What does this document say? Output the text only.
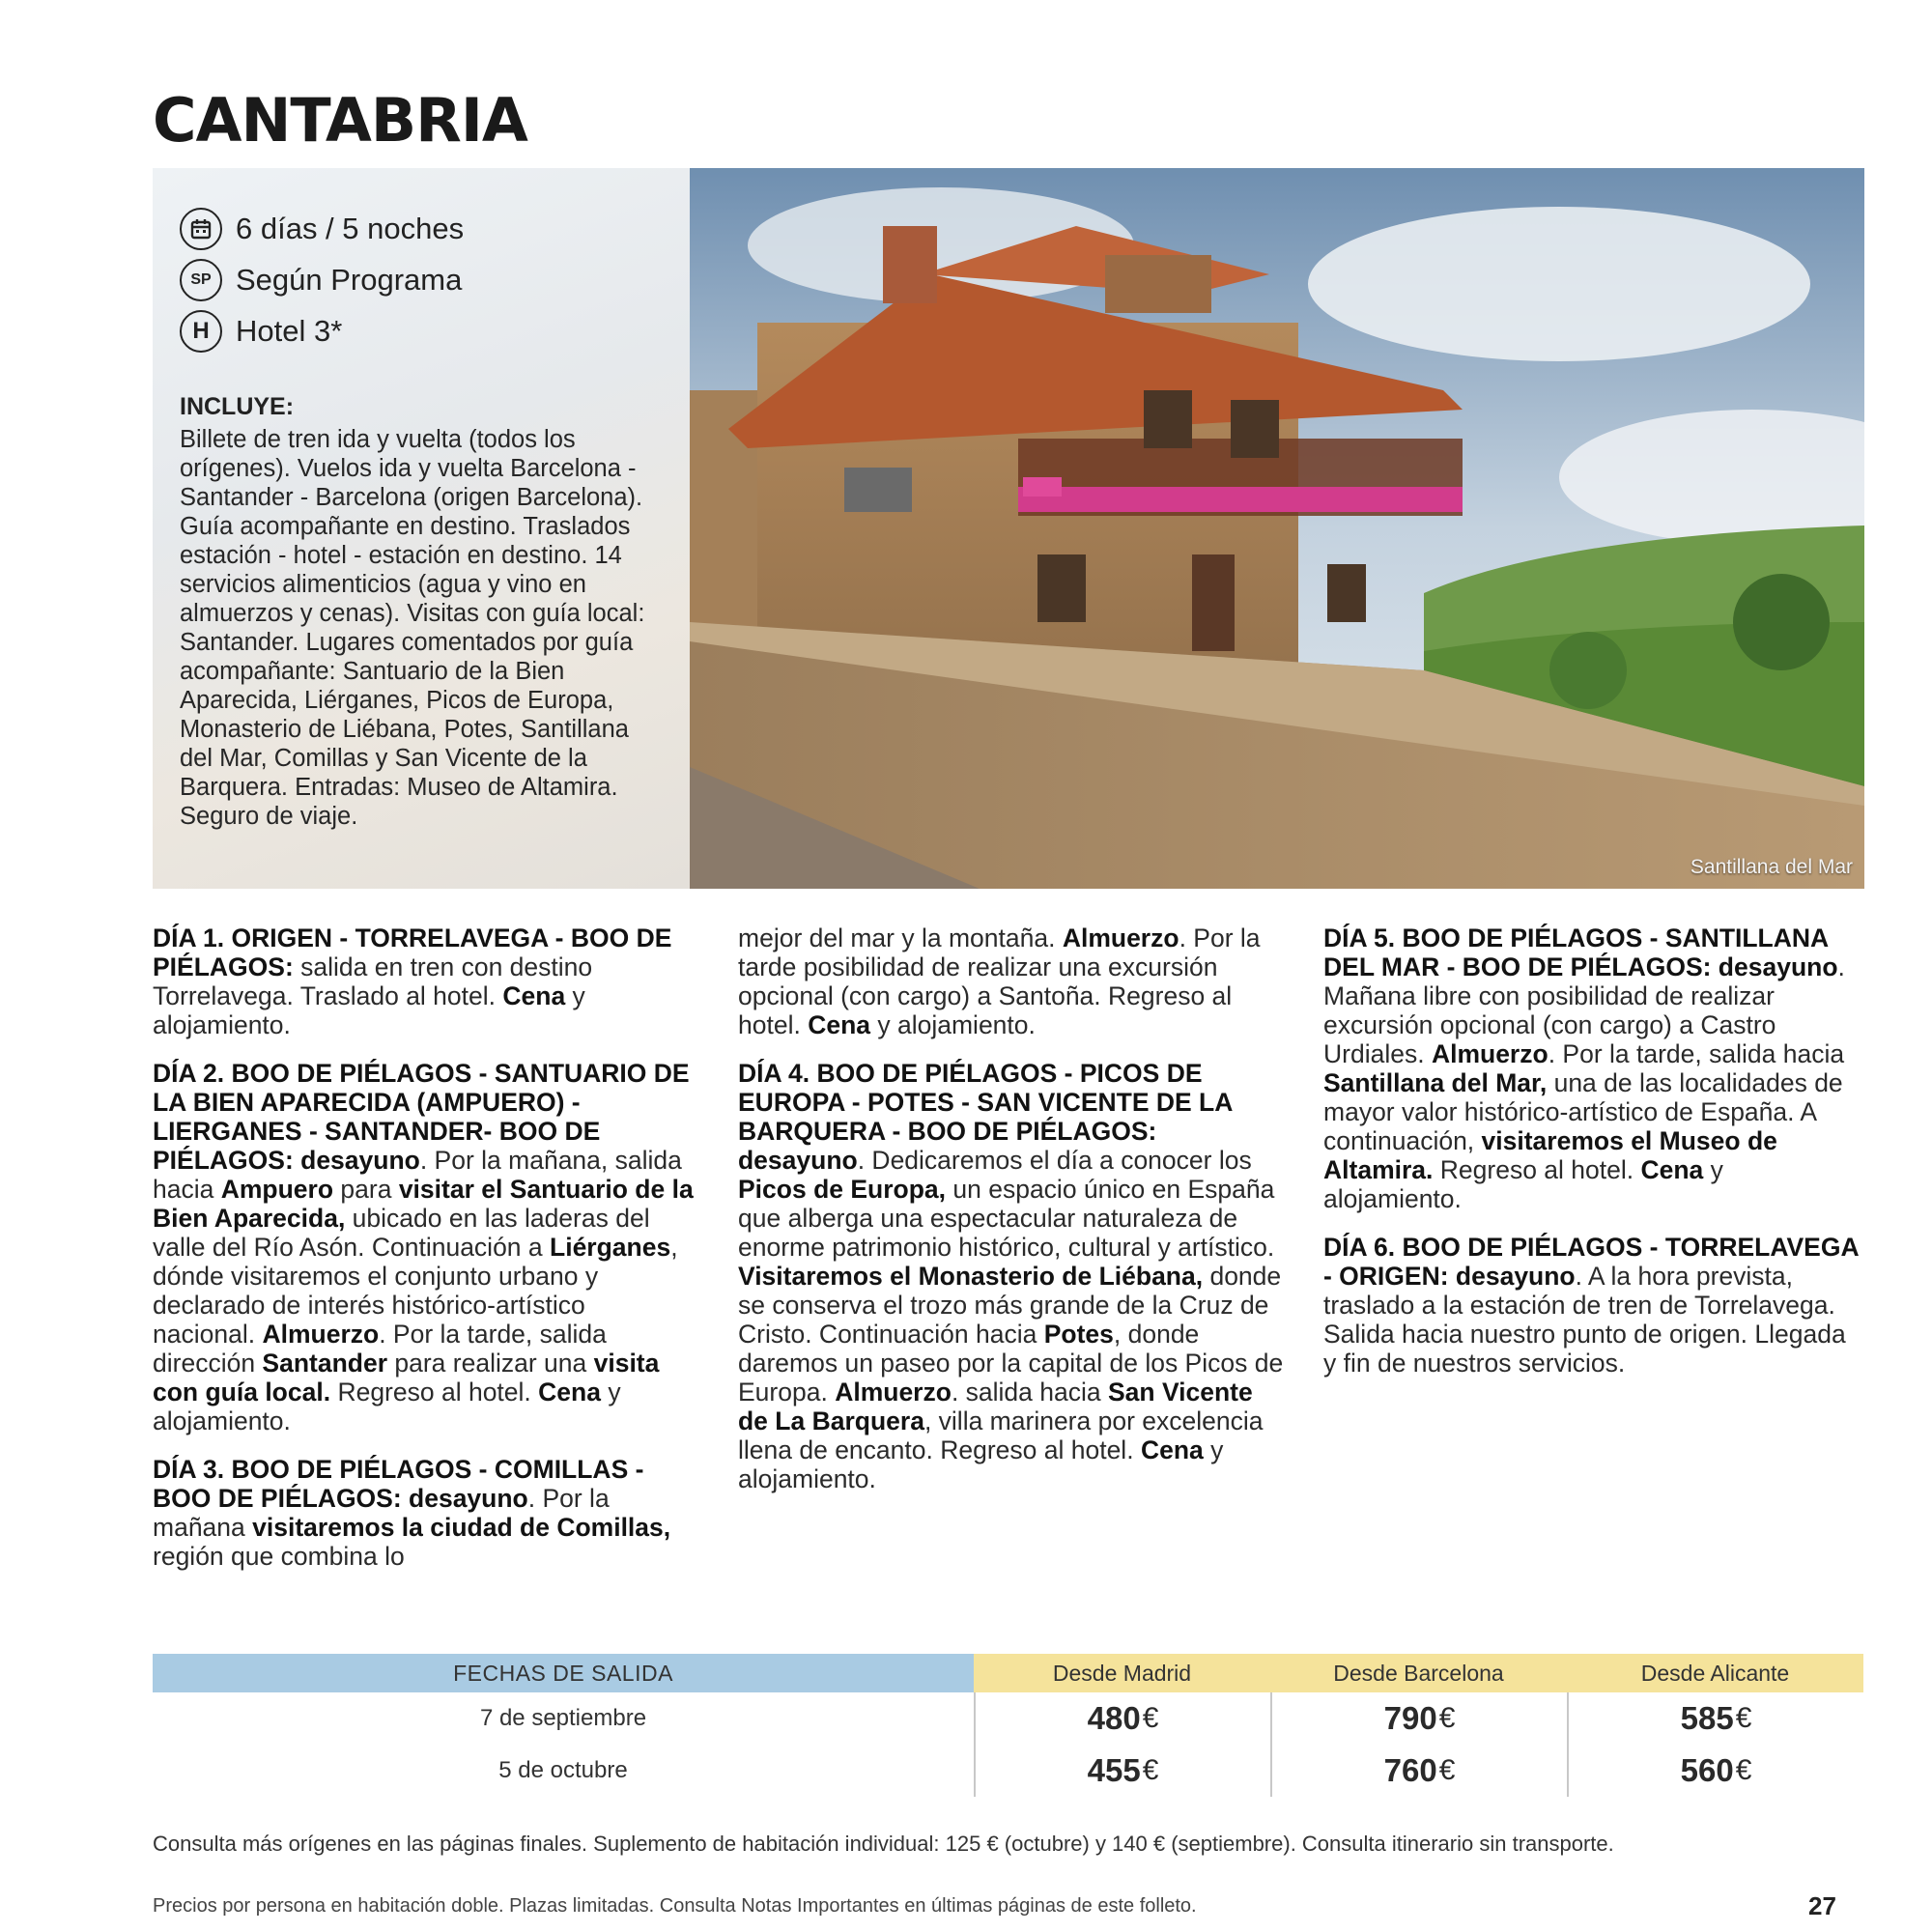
CANTABRIA
6 días / 5 noches
SP Según Programa
H Hotel 3*
INCLUYE:
Billete de tren ida y vuelta (todos los orígenes). Vuelos ida y vuelta Barcelona - Santander - Barcelona (origen Barcelona). Guía acompañante en destino. Traslados estación - hotel - estación en destino. 14 servicios alimenticios (agua y vino en almuerzos y cenas). Visitas con guía local: Santander. Lugares comentados por guía acompañante: Santuario de la Bien Aparecida, Liérganes, Picos de Europa, Monasterio de Liébana, Potes, Santillana del Mar, Comillas y San Vicente de la Barquera. Entradas: Museo de Altamira. Seguro de viaje.
Santillana del Mar

DÍA 1. ORIGEN - TORRELAVEGA - BOO DE PIÉLAGOS: salida en tren con destino Torrelavega. Traslado al hotel. Cena y alojamiento.

DÍA 2. BOO DE PIÉLAGOS - SANTUARIO DE LA BIEN APARECIDA (AMPUERO) - LIERGANES - SANTANDER- BOO DE PIÉLAGOS: desayuno. Por la mañana, salida hacia Ampuero para visitar el Santuario de la Bien Aparecida, ubicado en las laderas del valle del Río Asón. Continuación a Liérganes, dónde visitaremos el conjunto urbano y declarado de interés histórico-artístico nacional. Almuerzo. Por la tarde, salida dirección Santander para realizar una visita con guía local. Regreso al hotel. Cena y alojamiento.

DÍA 3. BOO DE PIÉLAGOS - COMILLAS - BOO DE PIÉLAGOS: desayuno. Por la mañana visitaremos la ciudad de Comillas, región que combina lo

mejor del mar y la montaña. Almuerzo. Por la tarde posibilidad de realizar una excursión opcional (con cargo) a Santoña. Regreso al hotel. Cena y alojamiento.

DÍA 4. BOO DE PIÉLAGOS - PICOS DE EUROPA - POTES - SAN VICENTE DE LA BARQUERA - BOO DE PIÉLAGOS: desayuno. Dedicaremos el día a conocer los Picos de Europa, un espacio único en España que alberga una espectacular naturaleza de enorme patrimonio histórico, cultural y artístico. Visitaremos el Monasterio de Liébana, donde se conserva el trozo más grande de la Cruz de Cristo. Continuación hacia Potes, donde daremos un paseo por la capital de los Picos de Europa. Almuerzo. salida hacia San Vicente de La Barquera, villa marinera por excelencia llena de encanto. Regreso al hotel. Cena y alojamiento.

DÍA 5. BOO DE PIÉLAGOS - SANTILLANA DEL MAR - BOO DE PIÉLAGOS: desayuno. Mañana libre con posibilidad de realizar excursión opcional (con cargo) a Castro Urdiales. Almuerzo. Por la tarde, salida hacia Santillana del Mar, una de las localidades de mayor valor histórico-artístico de España. A continuación, visitaremos el Museo de Altamira. Regreso al hotel. Cena y alojamiento.

DÍA 6. BOO DE PIÉLAGOS - TORRELAVEGA - ORIGEN: desayuno. A la hora prevista, traslado a la estación de tren de Torrelavega. Salida hacia nuestro punto de origen. Llegada y fin de nuestros servicios.

FECHAS DE SALIDA	Desde Madrid	Desde Barcelona	Desde Alicante
7 de septiembre	480 €	790 €	585 €
5 de octubre	455 €	760 €	560 €
Consulta más orígenes en las páginas finales. Suplemento de habitación individual: 125 € (octubre) y 140 € (septiembre). Consulta itinerario sin transporte.
Precios por persona en habitación doble. Plazas limitadas. Consulta Notas Importantes en últimas páginas de este folleto.	27
